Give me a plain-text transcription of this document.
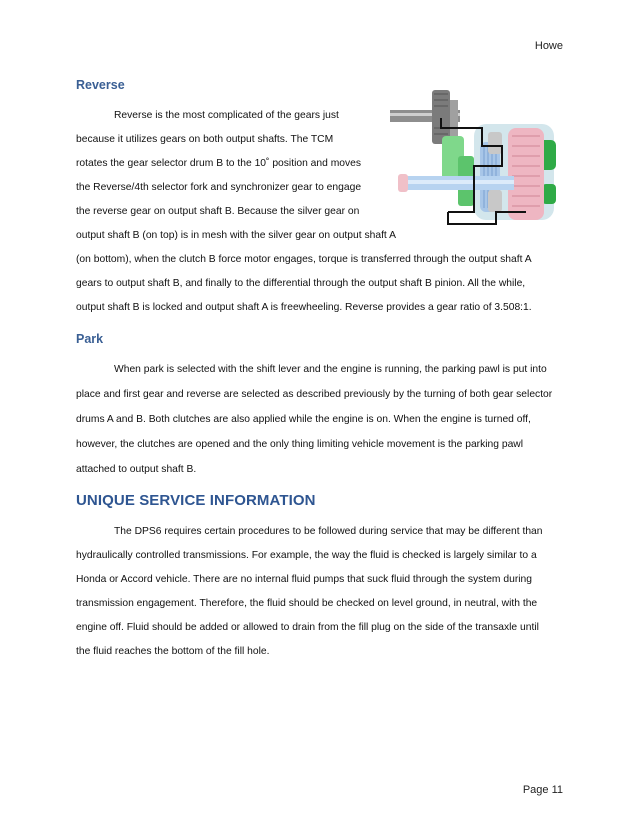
Howe
Reverse
Reverse is the most complicated of the gears just
because it utilizes gears on both output shafts. The TCM
rotates the gear selector drum B to the 10˚ position and moves
the Reverse/4th selector fork and synchronizer gear to engage
the reverse gear on output shaft B. Because the silver gear on
output shaft B (on top) is in mesh with the silver gear on output shaft A
(on bottom), when the clutch B force motor engages, torque is transferred through the output shaft A
gears to output shaft B, and finally to the differential through the output shaft B pinion. All the while,
output shaft B is locked and output shaft A is freewheeling. Reverse provides a gear ratio of 3.508:1.
Park
When park is selected with the shift lever and the engine is running, the parking pawl is put into
place and first gear and reverse are selected as described previously by the turning of both gear selector
drums A and B. Both clutches are also applied while the engine is on. When the engine is turned off,
however, the clutches are opened and the only thing limiting vehicle movement is the parking pawl
attached to output shaft B.
UNIQUE SERVICE INFORMATION
The DPS6 requires certain procedures to be followed during service that may be different than
hydraulically controlled transmissions. For example, the way the fluid is checked is largely similar to a
Honda or Accord vehicle. There are no internal fluid pumps that suck fluid through the system during
transmission engagement. Therefore, the fluid should be checked on level ground, in neutral, with the
engine off. Fluid should be added or allowed to drain from the fill plug on the side of the transaxle until
the fluid reaches the bottom of the fill hole.
Page 11
